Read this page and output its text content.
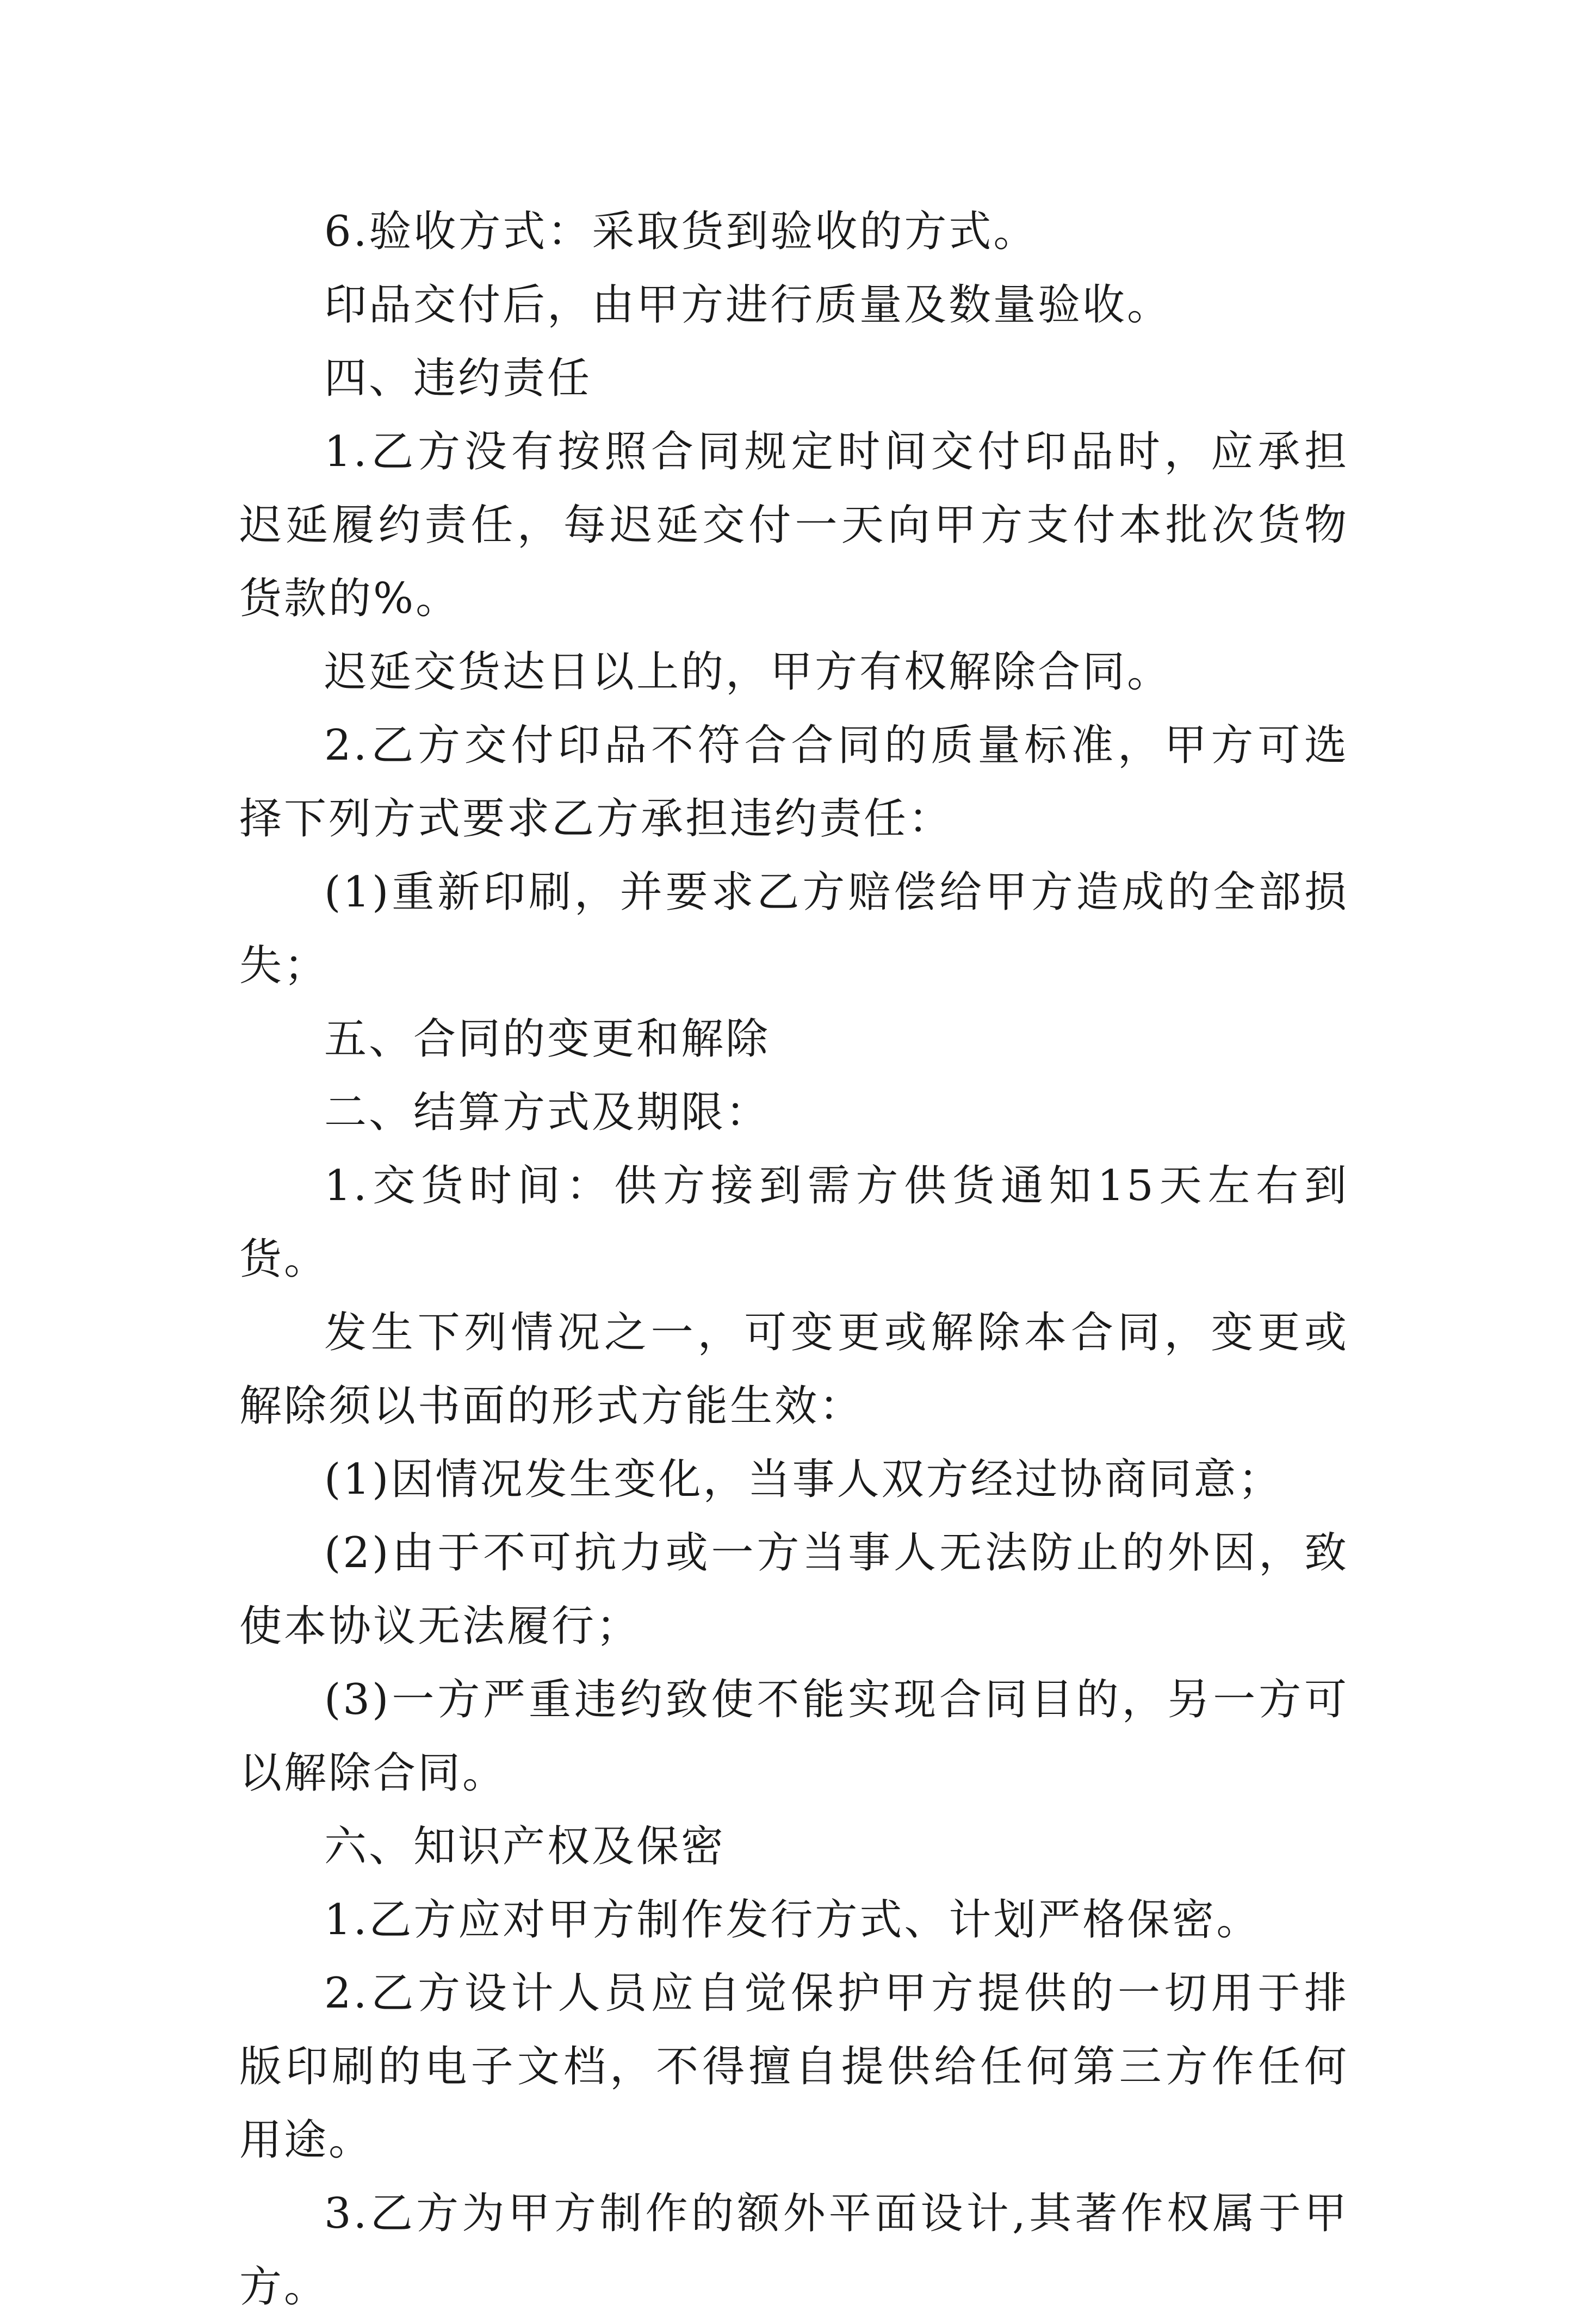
6.验收方式：采取货到验收的方式。

印品交付后，由甲方进行质量及数量验收。

四、违约责任

1.乙方没有按照合同规定时间交付印品时，应承担迟延履约责任，每迟延交付一天向甲方支付本批次货物货款的%。

迟延交货达日以上的，甲方有权解除合同。

2.乙方交付印品不符合合同的质量标准，甲方可选择下列方式要求乙方承担违约责任：

(1)重新印刷，并要求乙方赔偿给甲方造成的全部损失；

五、合同的变更和解除

二、结算方式及期限：

1.交货时间：供方接到需方供货通知15天左右到货。

发生下列情况之一，可变更或解除本合同，变更或解除须以书面的形式方能生效：

(1)因情况发生变化，当事人双方经过协商同意；

(2)由于不可抗力或一方当事人无法防止的外因，致使本协议无法履行；

(3)一方严重违约致使不能实现合同目的，另一方可以解除合同。

六、知识产权及保密

1.乙方应对甲方制作发行方式、计划严格保密。

2.乙方设计人员应自觉保护甲方提供的一切用于排版印刷的电子文档，不得擅自提供给任何第三方作任何用途。

3.乙方为甲方制作的额外平面设计,其著作权属于甲方。
